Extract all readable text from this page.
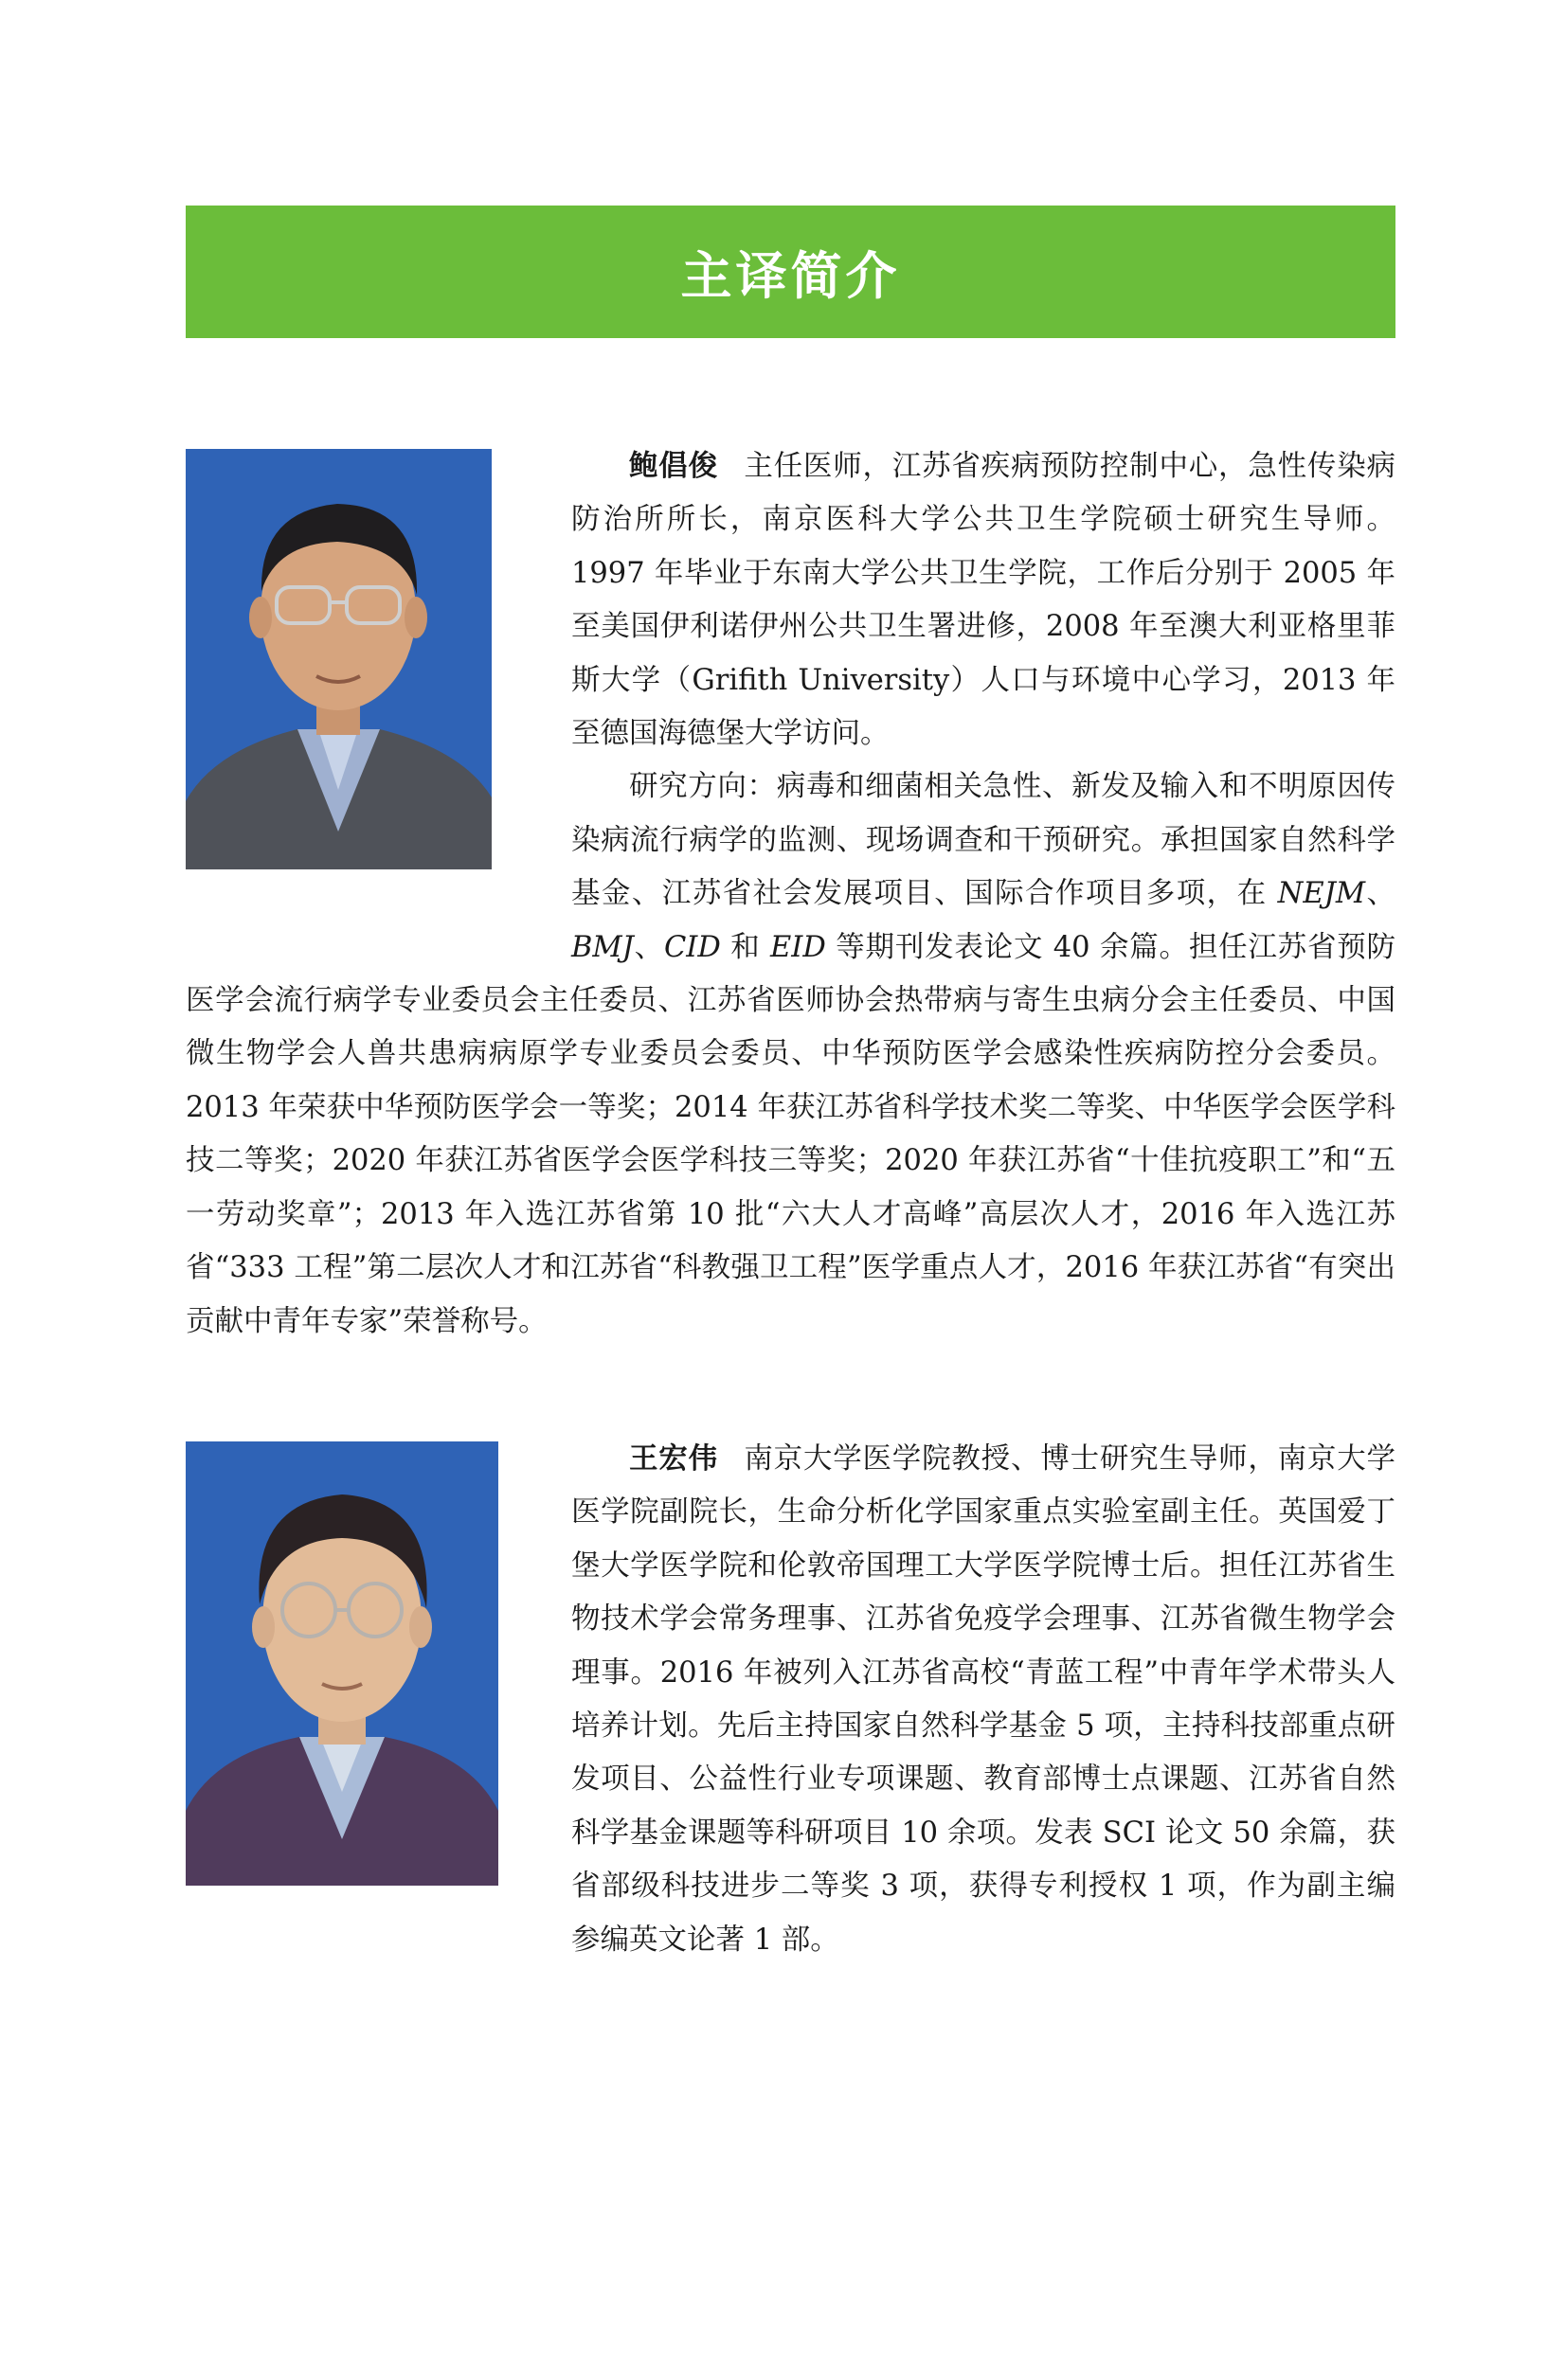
主译简介

鲍倡俊 主任医师，江苏省疾病预防控制中心，急性传染病防治所所长，南京医科大学公共卫生学院硕士研究生导师。1997 年毕业于东南大学公共卫生学院，工作后分别于 2005 年至美国伊利诺伊州公共卫生署进修，2008 年至澳大利亚格里菲斯大学（Grifith University）人口与环境中心学习，2013 年至德国海德堡大学访问。

研究方向：病毒和细菌相关急性、新发及输入和不明原因传染病流行病学的监测、现场调查和干预研究。承担国家自然科学基金、江苏省社会发展项目、国际合作项目多项，在 NEJM、BMJ、CID 和 EID 等期刊发表论文 40 余篇。担任江苏省预防医学会流行病学专业委员会主任委员、江苏省医师协会热带病与寄生虫病分会主任委员、中国微生物学会人兽共患病病原学专业委员会委员、中华预防医学会感染性疾病防控分会委员。2013 年荣获中华预防医学会一等奖；2014 年获江苏省科学技术奖二等奖、中华医学会医学科技二等奖；2020 年获江苏省医学会医学科技三等奖；2020 年获江苏省“十佳抗疫职工”和“五一劳动奖章”；2013 年入选江苏省第 10 批“六大人才高峰”高层次人才，2016 年入选江苏省“333 工程”第二层次人才和江苏省“科教强卫工程”医学重点人才，2016 年获江苏省“有突出贡献中青年专家”荣誉称号。

王宏伟 南京大学医学院教授、博士研究生导师，南京大学医学院副院长，生命分析化学国家重点实验室副主任。英国爱丁堡大学医学院和伦敦帝国理工大学医学院博士后。担任江苏省生物技术学会常务理事、江苏省免疫学会理事、江苏省微生物学会理事。2016 年被列入江苏省高校“青蓝工程”中青年学术带头人培养计划。先后主持国家自然科学基金 5 项，主持科技部重点研发项目、公益性行业专项课题、教育部博士点课题、江苏省自然科学基金课题等科研项目 10 余项。发表 SCI 论文 50 余篇，获省部级科技进步二等奖 3 项，获得专利授权 1 项，作为副主编参编英文论著 1 部。
